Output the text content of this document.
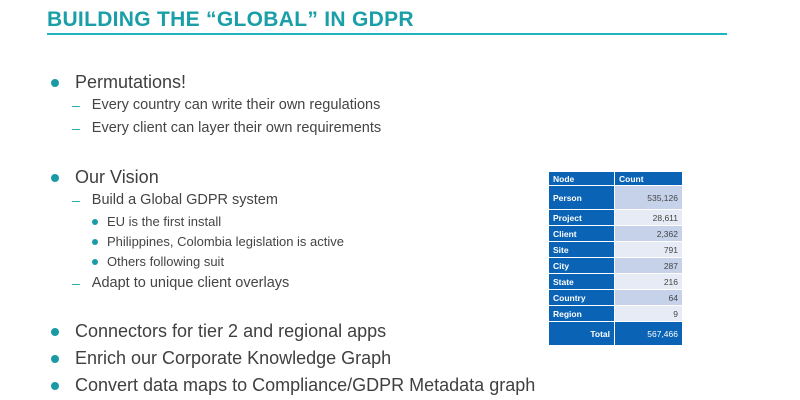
BUILDING THE “GLOBAL” IN GDPR
Permutations!
– Every country can write their own regulations
– Every client can layer their own requirements
Our Vision
– Build a Global GDPR system
EU is the first install
Philippines, Colombia legislation is active
Others following suit
– Adapt to unique client overlays
Connectors for tier 2 and regional apps
Enrich our Corporate Knowledge Graph
Convert data maps to Compliance/GDPR Metadata graph
Node	Count
Person	535,126
Project	28,611
Client	2,362
Site	791
City	287
State	216
Country	64
Region	9
Total	567,466
